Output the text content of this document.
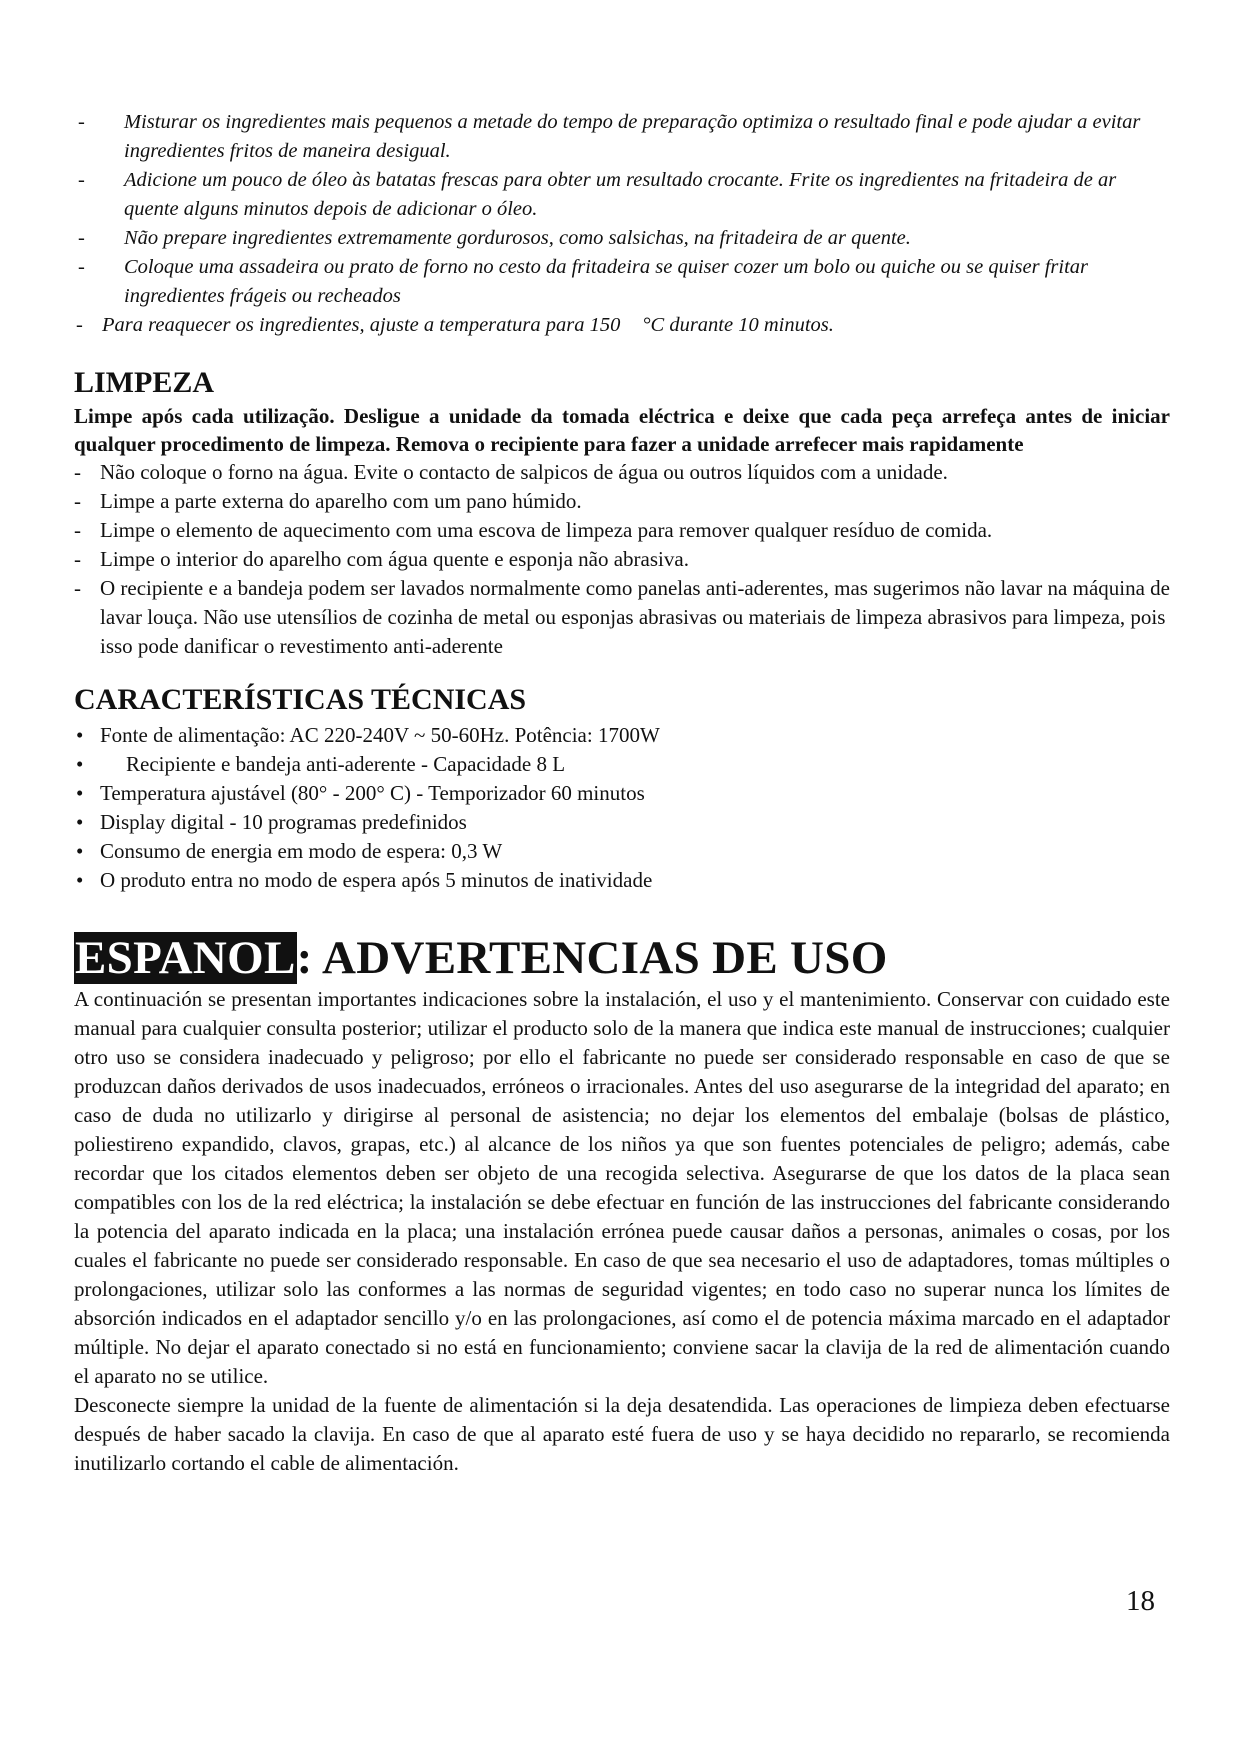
- Misturar os ingredientes mais pequenos a metade do tempo de preparação optimiza o resultado final e pode ajudar a evitar ingredientes fritos de maneira desigual.
- Adicione um pouco de óleo às batatas frescas para obter um resultado crocante. Frite os ingredientes na fritadeira de ar quente alguns minutos depois de adicionar o óleo.
- Não prepare ingredientes extremamente gordurosos, como salsichas, na fritadeira de ar quente.
- Coloque uma assadeira ou prato de forno no cesto da fritadeira se quiser cozer um bolo ou quiche ou se quiser fritar ingredientes frágeis ou recheados
- Para reaquecer os ingredientes, ajuste a temperatura para 150 °C durante 10 minutos.
LIMPEZA

Limpe após cada utilização. Desligue a unidade da tomada eléctrica e deixe que cada peça arrefeça antes de iniciar qualquer procedimento de limpeza. Remova o recipiente para fazer a unidade arrefecer mais rapidamente

- Não coloque o forno na água. Evite o contacto de salpicos de água ou outros líquidos com a unidade.
- Limpe a parte externa do aparelho com um pano húmido.
- Limpe o elemento de aquecimento com uma escova de limpeza para remover qualquer resíduo de comida.
- Limpe o interior do aparelho com água quente e esponja não abrasiva.
- O recipiente e a bandeja podem ser lavados normalmente como panelas anti-aderentes, mas sugerimos não lavar na máquina de lavar louça. Não use utensílios de cozinha de metal ou esponjas abrasivas ou materiais de limpeza abrasivos para limpeza, pois isso pode danificar o revestimento anti-aderente
CARACTERÍSTICAS TÉCNICAS
• Fonte de alimentação: AC 220-240V ~ 50-60Hz. Potência: 1700W
• Recipiente e bandeja anti-aderente - Capacidade 8 L
• Temperatura ajustável (80° - 200° C) - Temporizador 60 minutos
• Display digital - 10 programas predefinidos
• Consumo de energia em modo de espera: 0,3 W
• O produto entra no modo de espera após 5 minutos de inatividade
ESPANOL: ADVERTENCIAS DE USO

A continuación se presentan importantes indicaciones sobre la instalación, el uso y el mantenimiento. Conservar con cuidado este manual para cualquier consulta posterior; utilizar el producto solo de la manera que indica este manual de instrucciones; cualquier otro uso se considera inadecuado y peligroso; por ello el fabricante no puede ser considerado responsable en caso de que se produzcan daños derivados de usos inadecuados, erróneos o irracionales. Antes del uso asegurarse de la integridad del aparato; en caso de duda no utilizarlo y dirigirse al personal de asistencia; no dejar los elementos del embalaje (bolsas de plástico, poliestireno expandido, clavos, grapas, etc.) al alcance de los niños ya que son fuentes potenciales de peligro; además, cabe recordar que los citados elementos deben ser objeto de una recogida selectiva. Asegurarse de que los datos de la placa sean compatibles con los de la red eléctrica; la instalación se debe efectuar en función de las instrucciones del fabricante considerando la potencia del aparato indicada en la placa; una instalación errónea puede causar daños a personas, animales o cosas, por los cuales el fabricante no puede ser considerado responsable. En caso de que sea necesario el uso de adaptadores, tomas múltiples o prolongaciones, utilizar solo las conformes a las normas de seguridad vigentes; en todo caso no superar nunca los límites de absorción indicados en el adaptador sencillo y/o en las prolongaciones, así como el de potencia máxima marcado en el adaptador múltiple. No dejar el aparato conectado si no está en funcionamiento; conviene sacar la clavija de la red de alimentación cuando el aparato no se utilice.

Desconecte siempre la unidad de la fuente de alimentación si la deja desatendida. Las operaciones de limpieza deben efectuarse después de haber sacado la clavija. En caso de que al aparato esté fuera de uso y se haya decidido no repararlo, se recomienda inutilizarlo cortando el cable de alimentación.

18
